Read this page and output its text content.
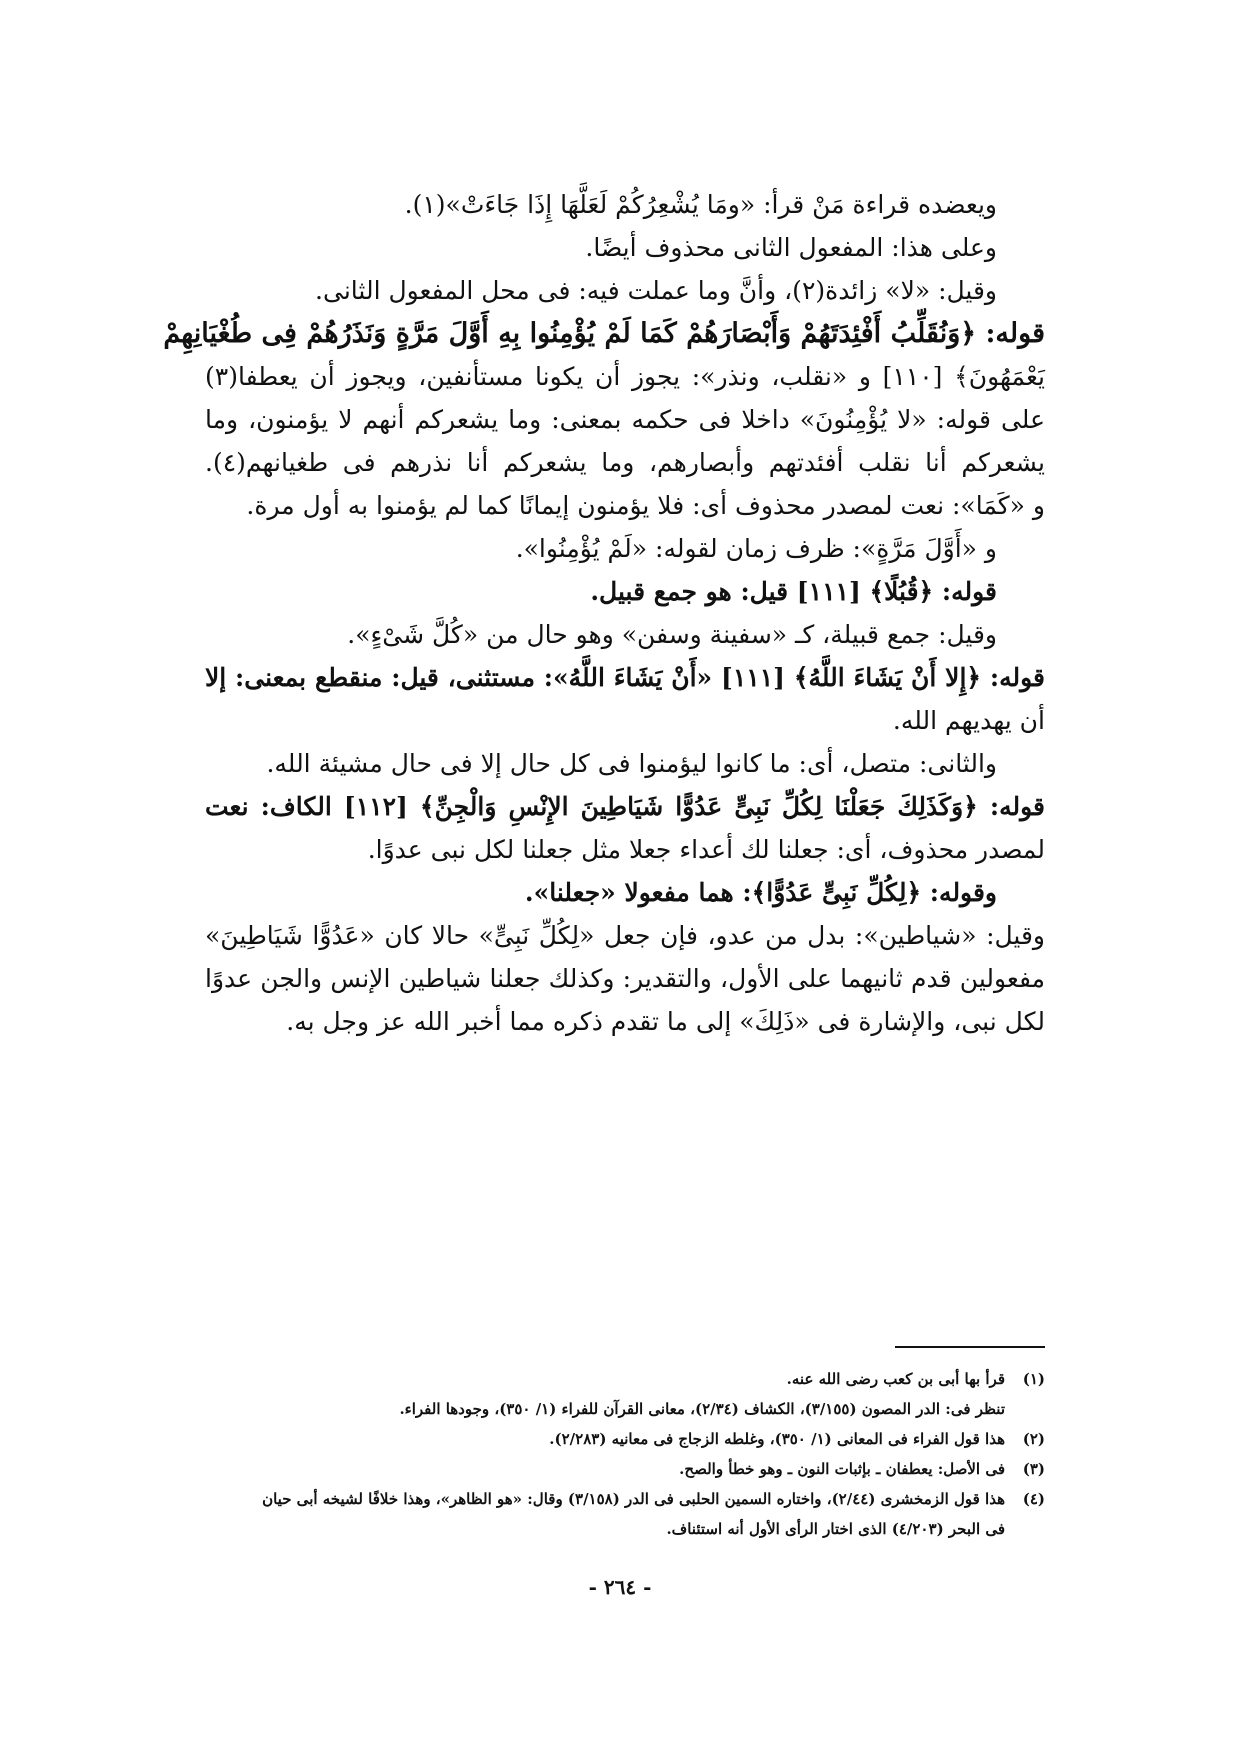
ويعضده قراءة مَنْ قرأ: «ومَا يُشْعِرُكُمْ لَعَلَّهَا إِذَا جَاءَتْ»(١).
وعلى هذا: المفعول الثانى محذوف أيضًا.
وقيل: «لا» زائدة(٢)، وأنَّ وما عملت فيه: فى محل المفعول الثانى.
قوله: ﴿وَنُقَلِّبُ أَفْئِدَتَهُمْ وَأَبْصَارَهُمْ كَمَا لَمْ يُؤْمِنُوا بِهِ أَوَّلَ مَرَّةٍ وَنَذَرُهُمْ فِى طُغْيَانِهِمْ
يَعْمَهُونَ﴾ [١١٠] و «نقلب، ونذر»: يجوز أن يكونا مستأنفين، ويجوز أن يعطفا(٣)
على قوله: «لا يُؤْمِنُونَ» داخلا فى حكمه بمعنى: وما يشعركم أنهم لا يؤمنون، وما
يشعركم أنا نقلب أفئدتهم وأبصارهم، وما يشعركم أنا نذرهم فى طغيانهم(٤).
و «كَمَا»: نعت لمصدر محذوف أى: فلا يؤمنون إيمانًا كما لم يؤمنوا به أول مرة.
و «أَوَّلَ مَرَّةٍ»: ظرف زمان لقوله: «لَمْ يُؤْمِنُوا».
قوله: ﴿قُبُلًا﴾ [١١١] قيل: هو جمع قبيل.
وقيل: جمع قبيلة، كـ «سفينة وسفن» وهو حال من «كُلَّ شَىْءٍ».
قوله: ﴿إِلا أَنْ يَشَاءَ اللَّهُ﴾ [١١١] «أَنْ يَشَاءَ اللَّهُ»: مستثنى، قيل: منقطع بمعنى: إلا
أن يهديهم الله.
والثانى: متصل، أى: ما كانوا ليؤمنوا فى كل حال إلا فى حال مشيئة الله.
قوله: ﴿وَكَذَلِكَ جَعَلْنَا لِكُلِّ نَبِىٍّ عَدُوًّا شَيَاطِينَ الإِنْسِ وَالْجِنِّ﴾ [١١٢] الكاف: نعت
لمصدر محذوف، أى: جعلنا لك أعداء جعلا مثل جعلنا لكل نبى عدوًا.
وقوله: ﴿لِكُلِّ نَبِىٍّ عَدُوًّا﴾: هما مفعولا «جعلنا».
وقيل: «شياطين»: بدل من عدو، فإن جعل «لِكُلِّ نَبِىٍّ» حالا كان «عَدُوًّا شَيَاطِينَ»
مفعولين قدم ثانيهما على الأول، والتقدير: وكذلك جعلنا شياطين الإنس والجن عدوًا
لكل نبى، والإشارة فى «ذَلِكَ» إلى ما تقدم ذكره مما أخبر الله عز وجل به.
(١)قرأ بها أبى بن كعب رضى الله عنه.
تنظر فى: الدر المصون (٣/١٥٥)، الكشاف (٢/٣٤)، معانى القرآن للفراء (١/ ٣٥٠)، وجودها الفراء.
(٢)هذا قول الفراء فى المعانى (١/ ٣٥٠)، وغلطه الزجاج فى معانيه (٢/٢٨٣).
(٣)فى الأصل: يعطفان ـ بإثبات النون ـ وهو خطأ والصح.
(٤)هذا قول الزمخشرى (٢/٤٤)، واختاره السمين الحلبى فى الدر (٣/١٥٨) وقال: «هو الظاهر»، وهذا خلافًا لشيخه أبى حيان
فى البحر (٤/٢٠٣) الذى اختار الرأى الأول أنه استئناف.
- ٢٦٤ -
